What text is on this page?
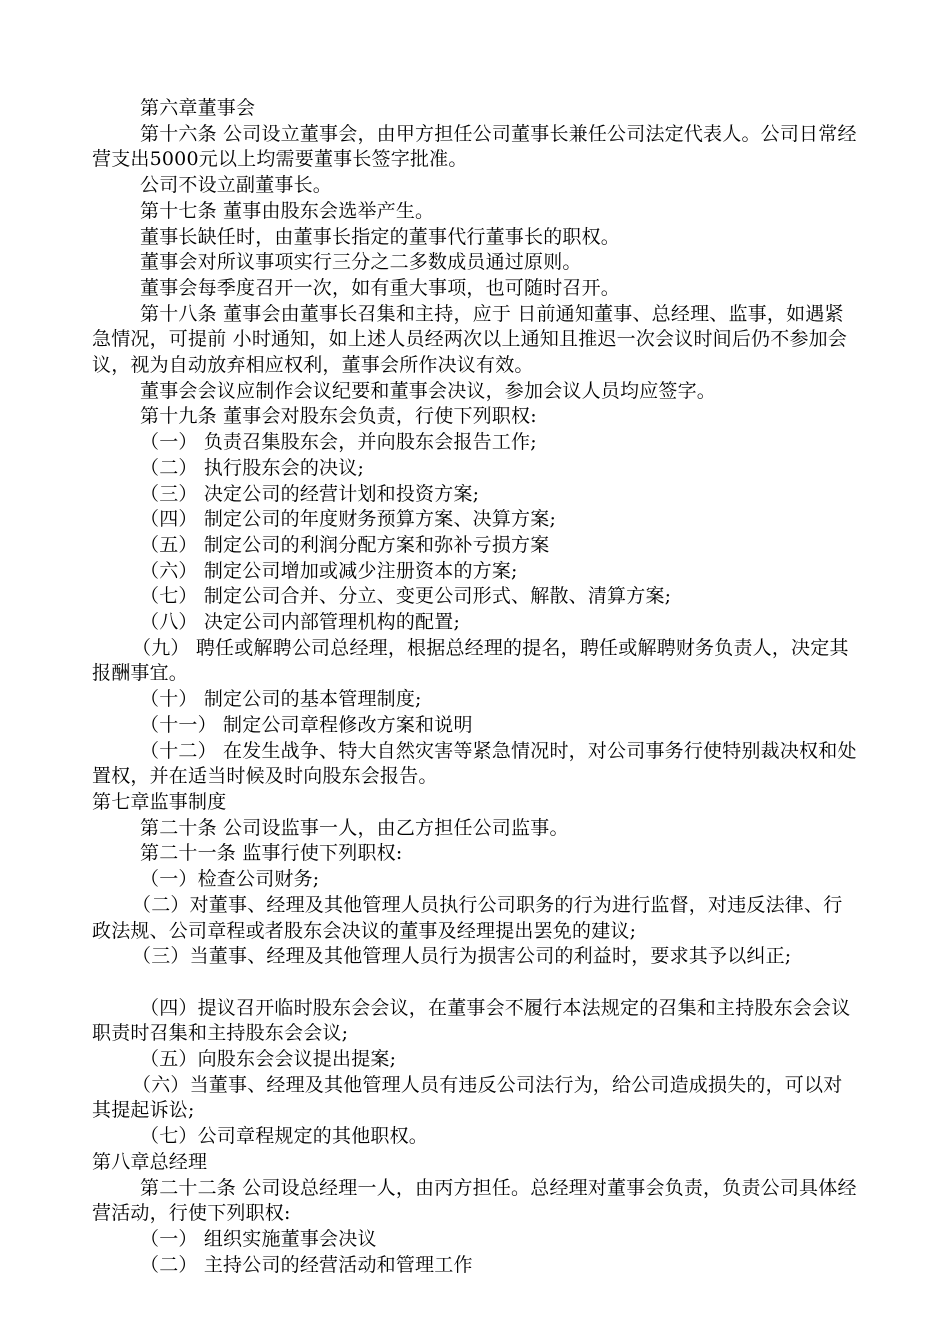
第六章董事会

第十六条 公司设立董事会，由甲方担任公司董事长兼任公司法定代表人。公司日常经营支出5000元以上均需要董事长签字批准。

公司不设立副董事长。

第十七条 董事由股东会选举产生。

董事长缺任时，由董事长指定的董事代行董事长的职权。

董事会对所议事项实行三分之二多数成员通过原则。

董事会每季度召开一次，如有重大事项，也可随时召开。

第十八条 董事会由董事长召集和主持，应于 日前通知董事、总经理、监事，如遇紧急情况，可提前 小时通知，如上述人员经两次以上通知且推迟一次会议时间后仍不参加会议，视为自动放弃相应权利，董事会所作决议有效。

董事会会议应制作会议纪要和董事会决议，参加会议人员均应签字。

第十九条 董事会对股东会负责，行使下列职权:

（一） 负责召集股东会，并向股东会报告工作;

（二） 执行股东会的决议;

（三） 决定公司的经营计划和投资方案;

（四） 制定公司的年度财务预算方案、决算方案;

（五） 制定公司的利润分配方案和弥补亏损方案

（六） 制定公司增加或减少注册资本的方案;

（七） 制定公司合并、分立、变更公司形式、解散、清算方案;

（八） 决定公司内部管理机构的配置;

（九） 聘任或解聘公司总经理，根据总经理的提名，聘任或解聘财务负责人，决定其报酬事宜。

（十） 制定公司的基本管理制度;

（十一） 制定公司章程修改方案和说明

（十二） 在发生战争、特大自然灾害等紧急情况时，对公司事务行使特别裁决权和处置权，并在适当时候及时向股东会报告。

第七章监事制度

第二十条 公司设监事一人，由乙方担任公司监事。

第二十一条 监事行使下列职权:

（一）检查公司财务;

（二）对董事、经理及其他管理人员执行公司职务的行为进行监督，对违反法律、行政法规、公司章程或者股东会决议的董事及经理提出罢免的建议;

（三）当董事、经理及其他管理人员行为损害公司的利益时，要求其予以纠正;

（四）提议召开临时股东会会议，在董事会不履行本法规定的召集和主持股东会会议职责时召集和主持股东会会议;

（五）向股东会会议提出提案;

（六）当董事、经理及其他管理人员有违反公司法行为，给公司造成损失的，可以对其提起诉讼;

（七）公司章程规定的其他职权。

第八章总经理

第二十二条 公司设总经理一人，由丙方担任。总经理对董事会负责，负责公司具体经营活动，行使下列职权:

（一） 组织实施董事会决议

（二） 主持公司的经营活动和管理工作
